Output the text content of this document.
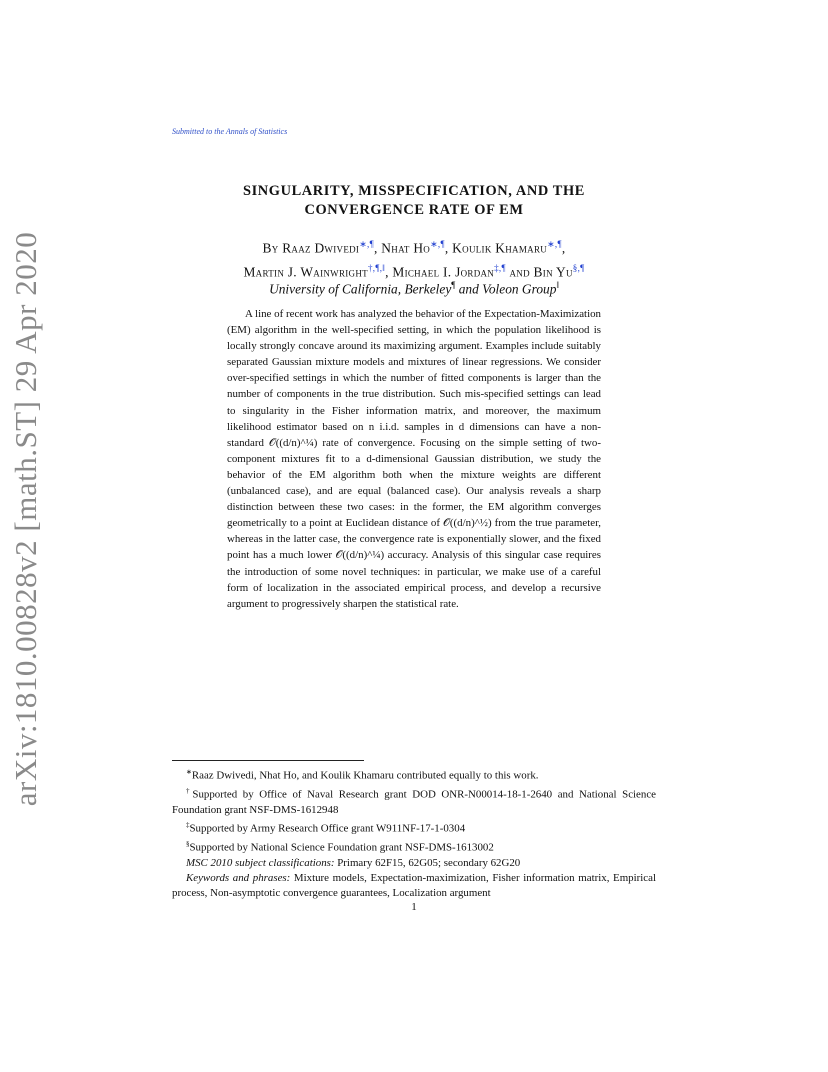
arXiv:1810.00828v2 [math.ST] 29 Apr 2020
Submitted to the Annals of Statistics
SINGULARITY, MISSPECIFICATION, AND THE
CONVERGENCE RATE OF EM
By Raaz Dwivedi∗,¶, Nhat Ho∗,¶, Koulik Khamaru∗,¶,
Martin J. Wainwright†,¶,‖, Michael I. Jordan‡,¶ and Bin Yu§,¶
University of California, Berkeley¶ and Voleon Group‖

A line of recent work has analyzed the behavior of the Expectation-Maximization (EM) algorithm in the well-specified setting, in which the population likelihood is locally strongly concave around its maximizing argument. Examples include suitably separated Gaussian mixture models and mixtures of linear regressions. We consider over-specified settings in which the number of fitted components is larger than the number of components in the true distribution. Such mis-specified settings can lead to singularity in the Fisher information matrix, and moreover, the maximum likelihood estimator based on n i.i.d. samples in d dimensions can have a non-standard 𝒪((d/n)^¼) rate of convergence. Focusing on the simple setting of two-component mixtures fit to a d-dimensional Gaussian distribution, we study the behavior of the EM algorithm both when the mixture weights are different (unbalanced case), and are equal (balanced case). Our analysis reveals a sharp distinction between these two cases: in the former, the EM algorithm converges geometrically to a point at Euclidean distance of 𝒪((d/n)^½) from the true parameter, whereas in the latter case, the convergence rate is exponentially slower, and the fixed point has a much lower 𝒪((d/n)^¼) accuracy. Analysis of this singular case requires the introduction of some novel techniques: in particular, we make use of a careful form of localization in the associated empirical process, and develop a recursive argument to progressively sharpen the statistical rate.

∗Raaz Dwivedi, Nhat Ho, and Koulik Khamaru contributed equally to this work.

†Supported by Office of Naval Research grant DOD ONR-N00014-18-1-2640 and National Science Foundation grant NSF-DMS-1612948

‡Supported by Army Research Office grant W911NF-17-1-0304

§Supported by National Science Foundation grant NSF-DMS-1613002

MSC 2010 subject classifications: Primary 62F15, 62G05; secondary 62G20

Keywords and phrases: Mixture models, Expectation-maximization, Fisher information matrix, Empirical process, Non-asymptotic convergence guarantees, Localization argument

1
